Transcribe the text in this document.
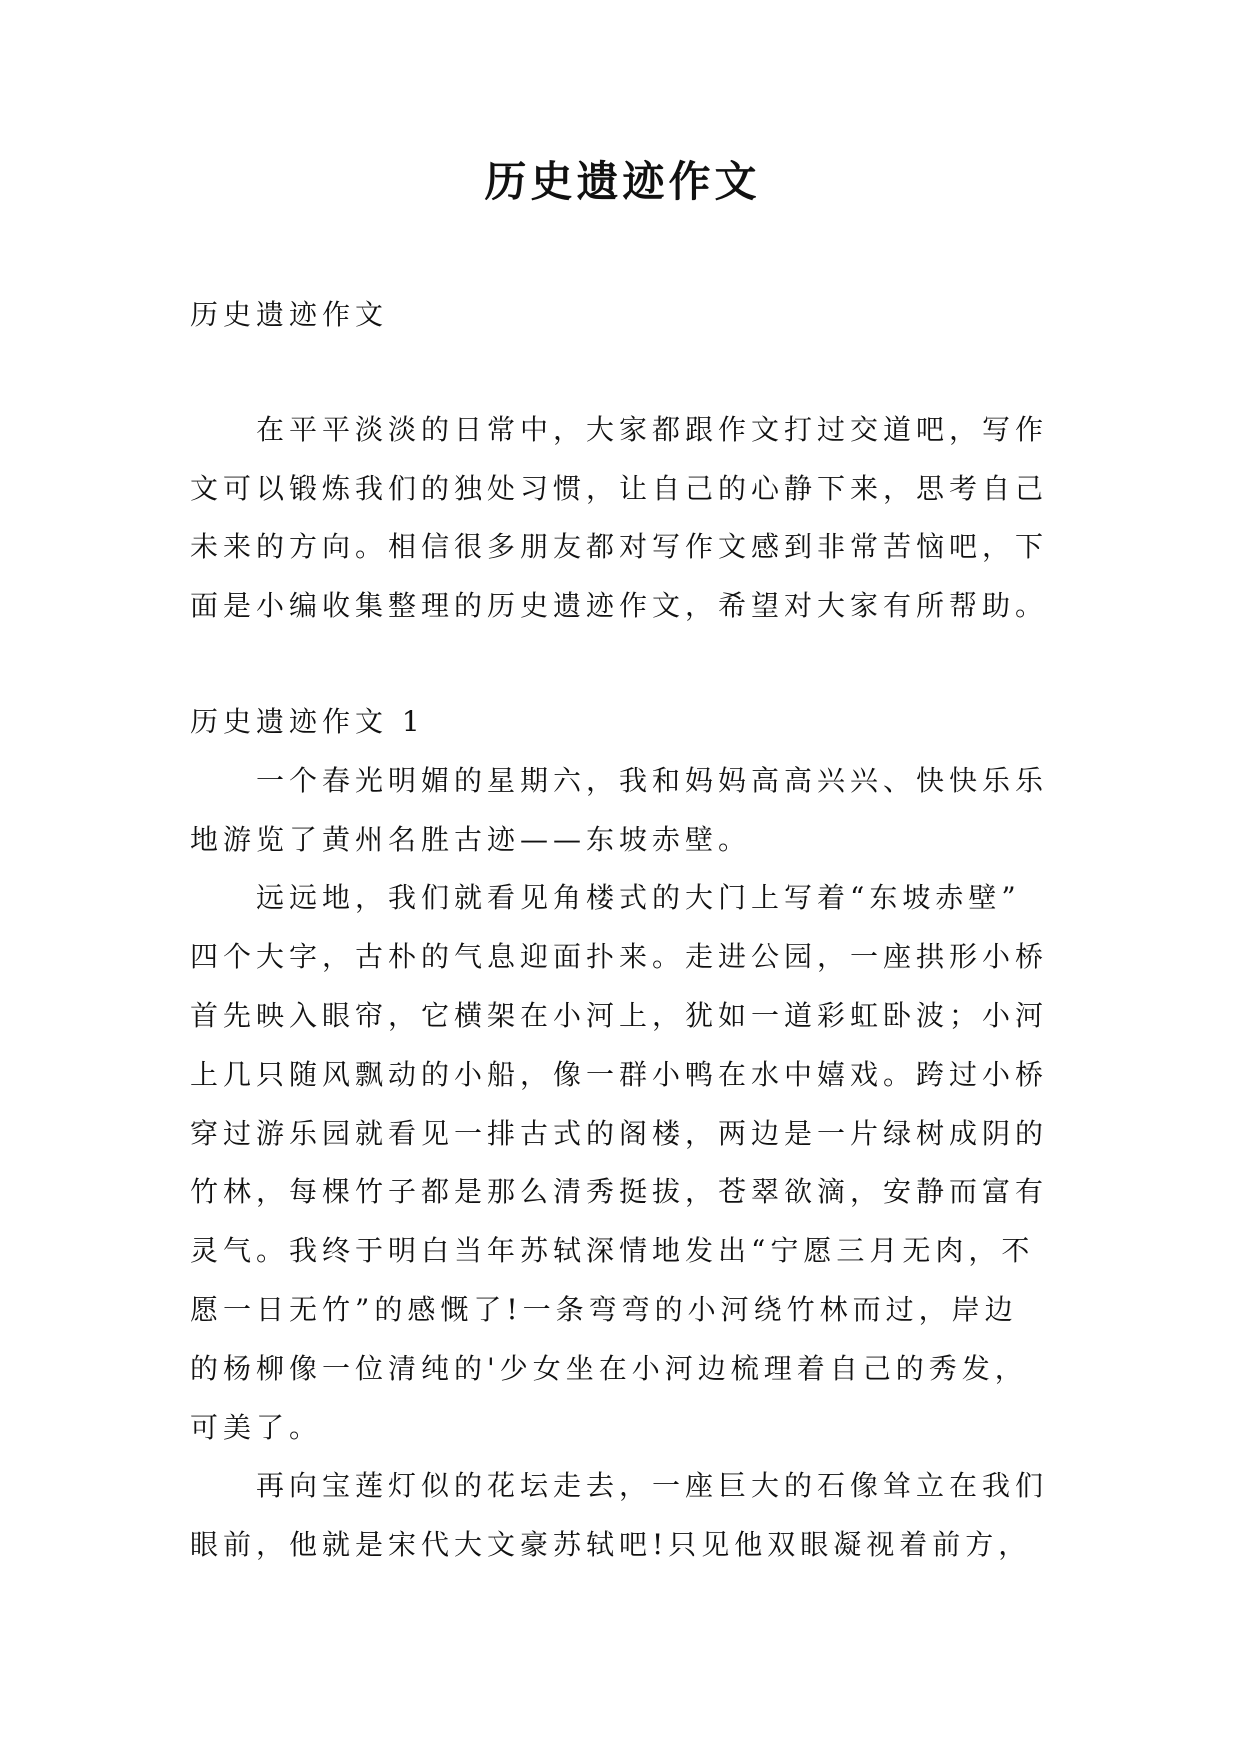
历史遗迹作文
历史遗迹作文
在平平淡淡的日常中，大家都跟作文打过交道吧，写作
文可以锻炼我们的独处习惯，让自己的心静下来，思考自己
未来的方向。相信很多朋友都对写作文感到非常苦恼吧，下
面是小编收集整理的历史遗迹作文，希望对大家有所帮助。
历史遗迹作文 1
一个春光明媚的星期六，我和妈妈高高兴兴、快快乐乐
地游览了黄州名胜古迹——东坡赤壁。
远远地，我们就看见角楼式的大门上写着“东坡赤壁”
四个大字，古朴的气息迎面扑来。走进公园，一座拱形小桥
首先映入眼帘，它横架在小河上，犹如一道彩虹卧波；小河
上几只随风飘动的小船，像一群小鸭在水中嬉戏。跨过小桥
穿过游乐园就看见一排古式的阁楼，两边是一片绿树成阴的
竹林，每棵竹子都是那么清秀挺拔，苍翠欲滴，安静而富有
灵气。我终于明白当年苏轼深情地发出“宁愿三月无肉，不
愿一日无竹”的感慨了!一条弯弯的小河绕竹林而过，岸边
的杨柳像一位清纯的'少女坐在小河边梳理着自己的秀发，
可美了。
再向宝莲灯似的花坛走去，一座巨大的石像耸立在我们
眼前，他就是宋代大文豪苏轼吧!只见他双眼凝视着前方，
